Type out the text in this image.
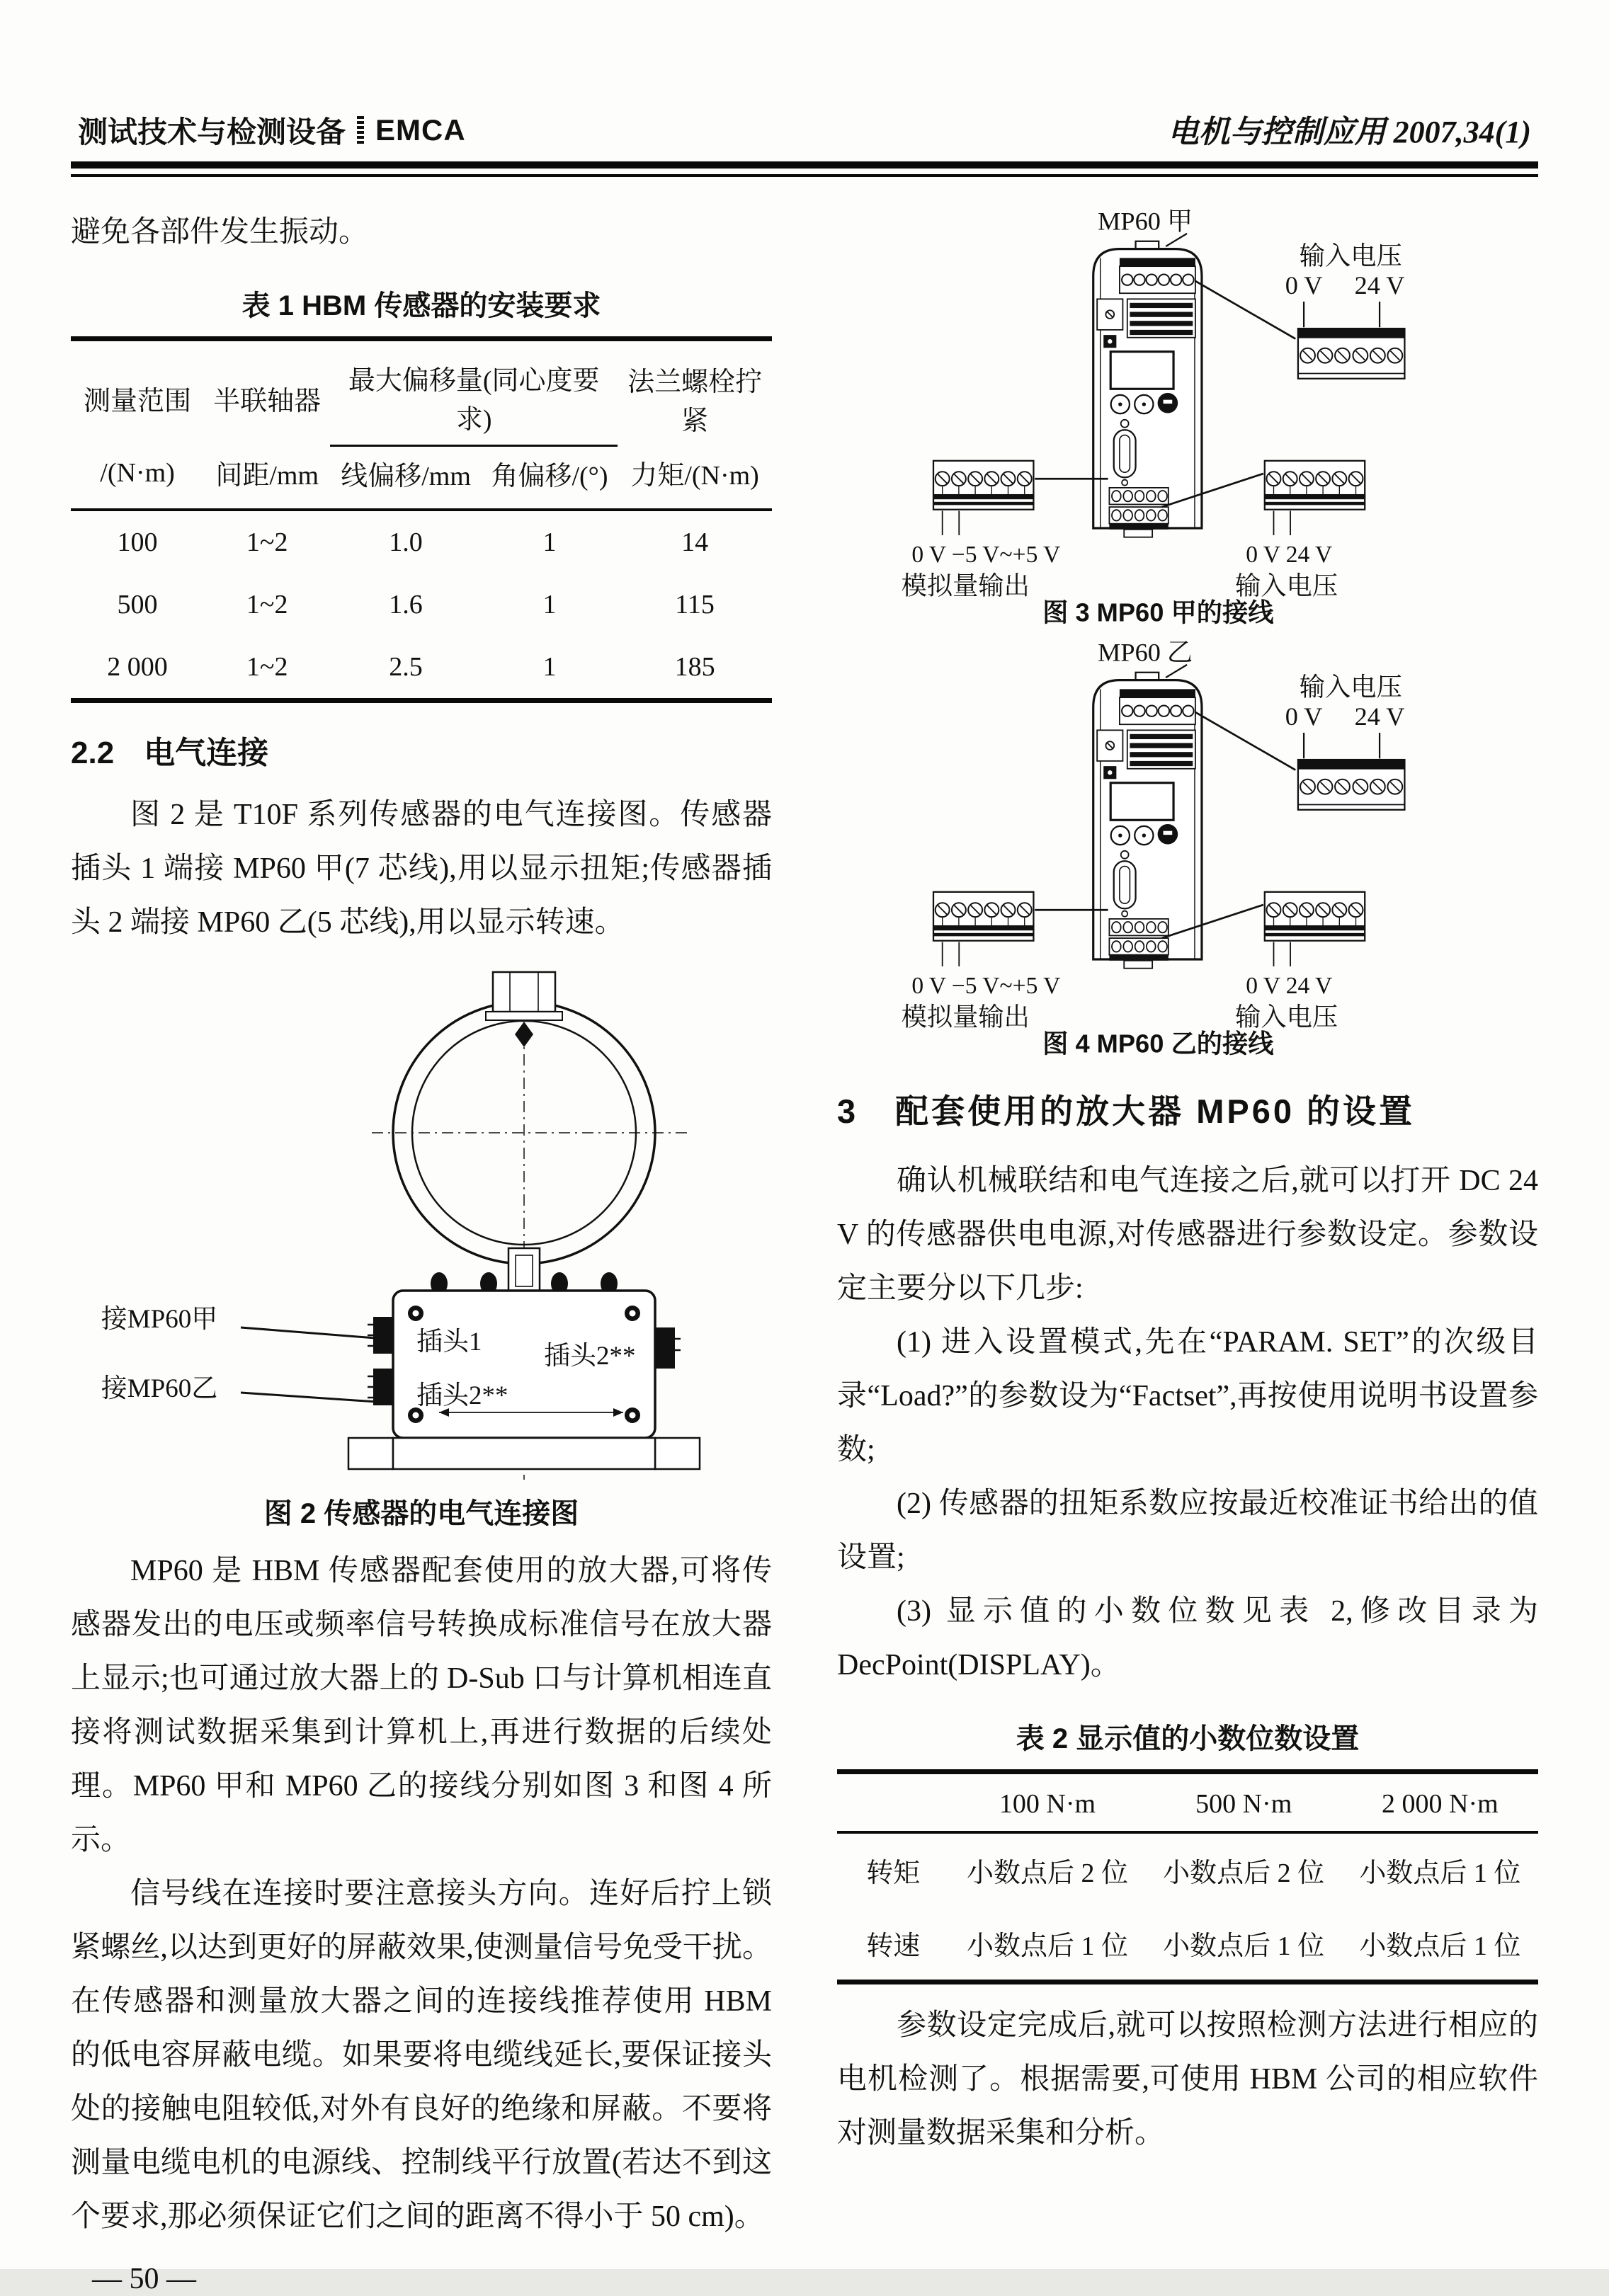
测试技术与检测设备 EMCA	电机与控制应用 2007,34(1)

避免各部件发生振动。

表 1 HBM 传感器的安装要求
测量范围	半联轴器	最大偏移量(同心度要求)		法兰螺栓拧紧
/(N·m)	间距/mm	线偏移/mm	角偏移/(°)	力矩/(N·m)
100	1~2	1.0	1	14
500	1~2	1.6	1	115
2 000	1~2	2.5	1	185
2.2 电气连接

图 2 是 T10F 系列传感器的电气连接图。传感器插头 1 端接 MP60 甲(7 芯线),用以显示扭矩;传感器插头 2 端接 MP60 乙(5 芯线),用以显示转速。

接MP60甲
接MP60乙
插头1
插头2**
插头2**
图 2 传感器的电气连接图

MP60 是 HBM 传感器配套使用的放大器,可将传感器发出的电压或频率信号转换成标准信号在放大器上显示;也可通过放大器上的 D-Sub 口与计算机相连直接将测试数据采集到计算机上,再进行数据的后续处理。MP60 甲和 MP60 乙的接线分别如图 3 和图 4 所示。

信号线在连接时要注意接头方向。连好后拧上锁紧螺丝,以达到更好的屏蔽效果,使测量信号免受干扰。在传感器和测量放大器之间的连接线推荐使用 HBM 的低电容屏蔽电缆。如果要将电缆线延长,要保证接头处的接触电阻较低,对外有良好的绝缘和屏蔽。不要将测量电缆电机的电源线、控制线平行放置(若达不到这个要求,那必须保证它们之间的距离不得小于 50 cm)。

— 50 —
MP60 甲
输入电压
0 V 24 V
0 V −5 V~+5 V
模拟量输出
0 V 24 V
输入电压
图 3 MP60 甲的接线
MP60 乙
输入电压
0 V 24 V
0 V −5 V~+5 V
模拟量输出
0 V 24 V
输入电压
图 4 MP60 乙的接线
3 配套使用的放大器 MP60 的设置

确认机械联结和电气连接之后,就可以打开 DC 24 V 的传感器供电电源,对传感器进行参数设定。参数设定主要分以下几步:

(1) 进入设置模式,先在“PARAM. SET”的次级目录“Load?”的参数设为“Factset”,再按使用说明书设置参数;

(2) 传感器的扭矩系数应按最近校准证书给出的值设置;

(3) 显示值的小数位数见表 2,修改目录为 DecPoint(DISPLAY)。

表 2 显示值的小数位数设置
	100 N·m	500 N·m	2 000 N·m
转矩	小数点后 2 位	小数点后 2 位	小数点后 1 位
转速	小数点后 1 位	小数点后 1 位	小数点后 1 位

参数设定完成后,就可以按照检测方法进行相应的电机检测了。根据需要,可使用 HBM 公司的相应软件对测量数据采集和分析。
